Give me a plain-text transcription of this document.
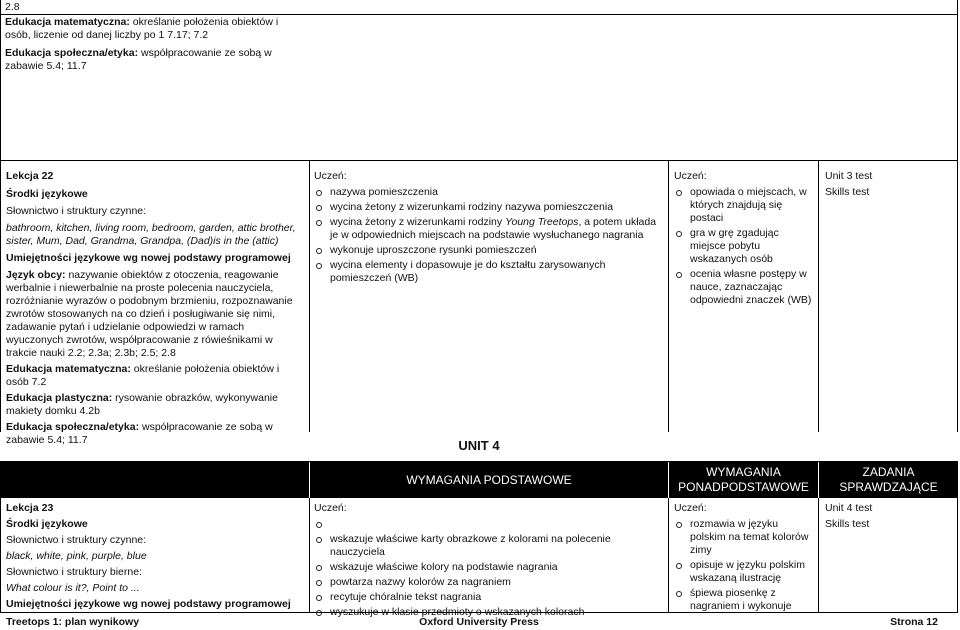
WYMAGANIA PODSTAWOWE
WYMAGANIA
PONADPODSTAWOWE
ZADANIA
SPRAWDZAJĄCE
2.8

Edukacja matematyczna: określanie położenia obiektów i osób, liczenie od danej liczby po 1 7.17; 7.2

Edukacja społeczna/etyka: współpracowanie ze sobą w zabawie 5.4; 11.7

Lekcja 22

Środki językowe

Słownictwo i struktury czynne:

bathroom, kitchen, living room, bedroom, garden, attic brother, sister, Mum, Dad, Grandma, Grandpa, (Dad)is in the (attic)

Umiejętności językowe wg nowej podstawy programowej

Język obcy: nazywanie obiektów z otoczenia, reagowanie werbalnie i niewerbalnie na proste polecenia nauczyciela, rozróżnianie wyrazów o podobnym brzmieniu, rozpoznawanie zwrotów stosowanych na co dzień i posługiwanie się nimi, zadawanie pytań i udzielanie odpowiedzi w ramach wyuczonych zwrotów, współpracowanie z rówieśnikami w trakcie nauki 2.2; 2.3a; 2.3b; 2.5; 2.8

Edukacja matematyczna: określanie położenia obiektów i osób 7.2

Edukacja plastyczna: rysowanie obrazków, wykonywanie makiety domku 4.2b

Edukacja społeczna/etyka: współpracowanie ze sobą w zabawie 5.4; 11.7

Uczeń:

nazywa pomieszczenia
wycina żetony z wizerunkami rodziny nazywa pomieszczenia
wycina żetony z wizerunkami rodziny Young Treetops, a potem układa je w odpowiednich miejscach na podstawie wysłuchanego nagrania
wykonuje uproszczone rysunki pomieszczeń
wycina elementy i dopasowuje je do kształtu zarysowanych pomieszczeń (WB)

Uczeń:

opowiada o miejscach, w których znajdują się postaci
gra w grę zgadując miejsce pobytu wskazanych osób
ocenia własne postępy w nauce, zaznaczając odpowiedni znaczek (WB)

Unit 3 test

Skills test

UNIT 4

Lekcja 23

Środki językowe

Słownictwo i struktury czynne:

black, white, pink, purple, blue

Słownictwo i struktury bierne:

What colour is it?, Point to ...

Umiejętności językowe wg nowej podstawy programowej

Uczeń:

wskazuje właściwe karty obrazkowe z kolorami na polecenie nauczyciela
wskazuje właściwe kolory na podstawie nagrania
powtarza nazwy kolorów za nagraniem
recytuje chóralnie tekst nagrania
wyszukuje w klasie przedmioty o wskazanych kolorach

Uczeń:

rozmawia w języku polskim na temat kolorów zimy
opisuje w języku polskim wskazaną ilustrację
śpiewa piosenkę z nagraniem i wykonuje

Unit 4 test

Skills test

Treetops 1: plan wynikowy	Oxford University Press	Strona 12
